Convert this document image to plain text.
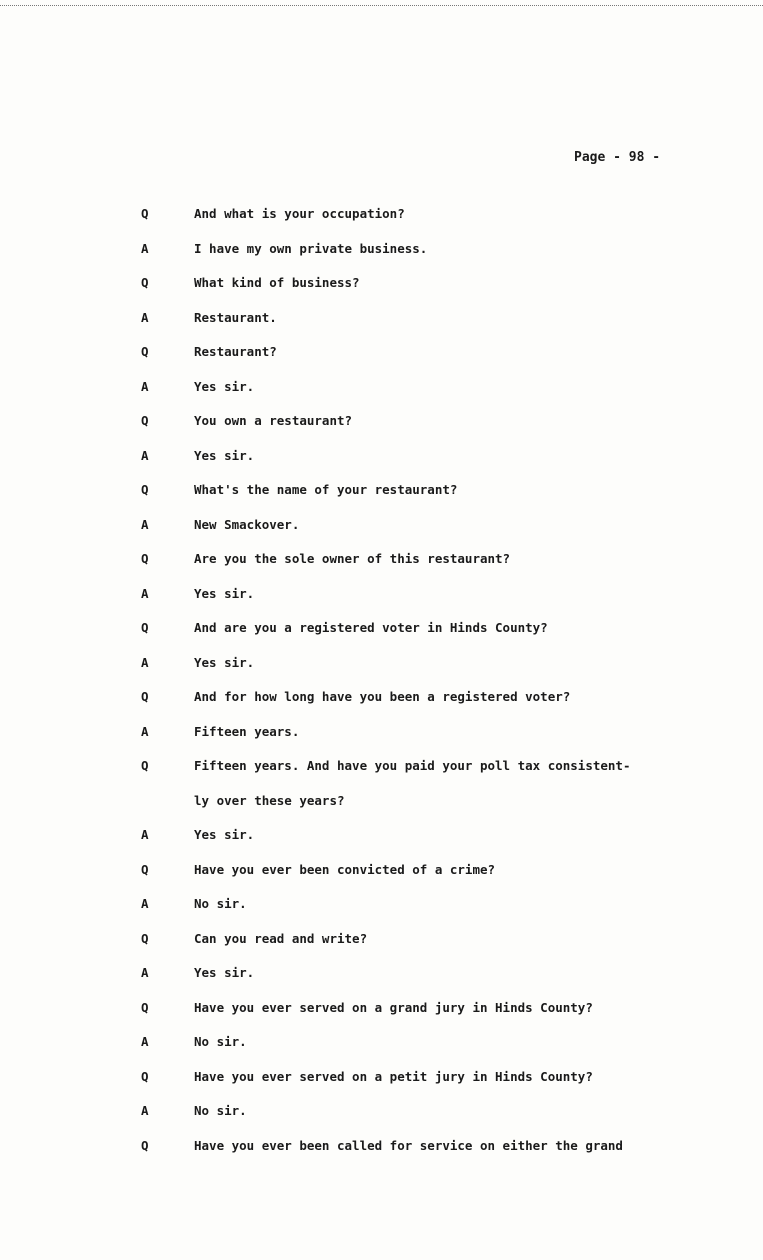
Page - 98 -
Q	And what is your occupation?
A	I have my own private business.
Q	What kind of business?
A	Restaurant.
Q	Restaurant?
A	Yes sir.
Q	You own a restaurant?
A	Yes sir.
Q	What's the name of your restaurant?
A	New Smackover.
Q	Are you the sole owner of this restaurant?
A	Yes sir.
Q	And are you a registered voter in Hinds County?
A	Yes sir.
Q	And for how long have you been a registered voter?
A	Fifteen years.
Q	Fifteen years. And have you paid your poll tax consistent-
ly over these years?
A	Yes sir.
Q	Have you ever been convicted of a crime?
A	No sir.
Q	Can you read and write?
A	Yes sir.
Q	Have you ever served on a grand jury in Hinds County?
A	No sir.
Q	Have you ever served on a petit jury in Hinds County?
A	No sir.
Q	Have you ever been called for service on either the grand
